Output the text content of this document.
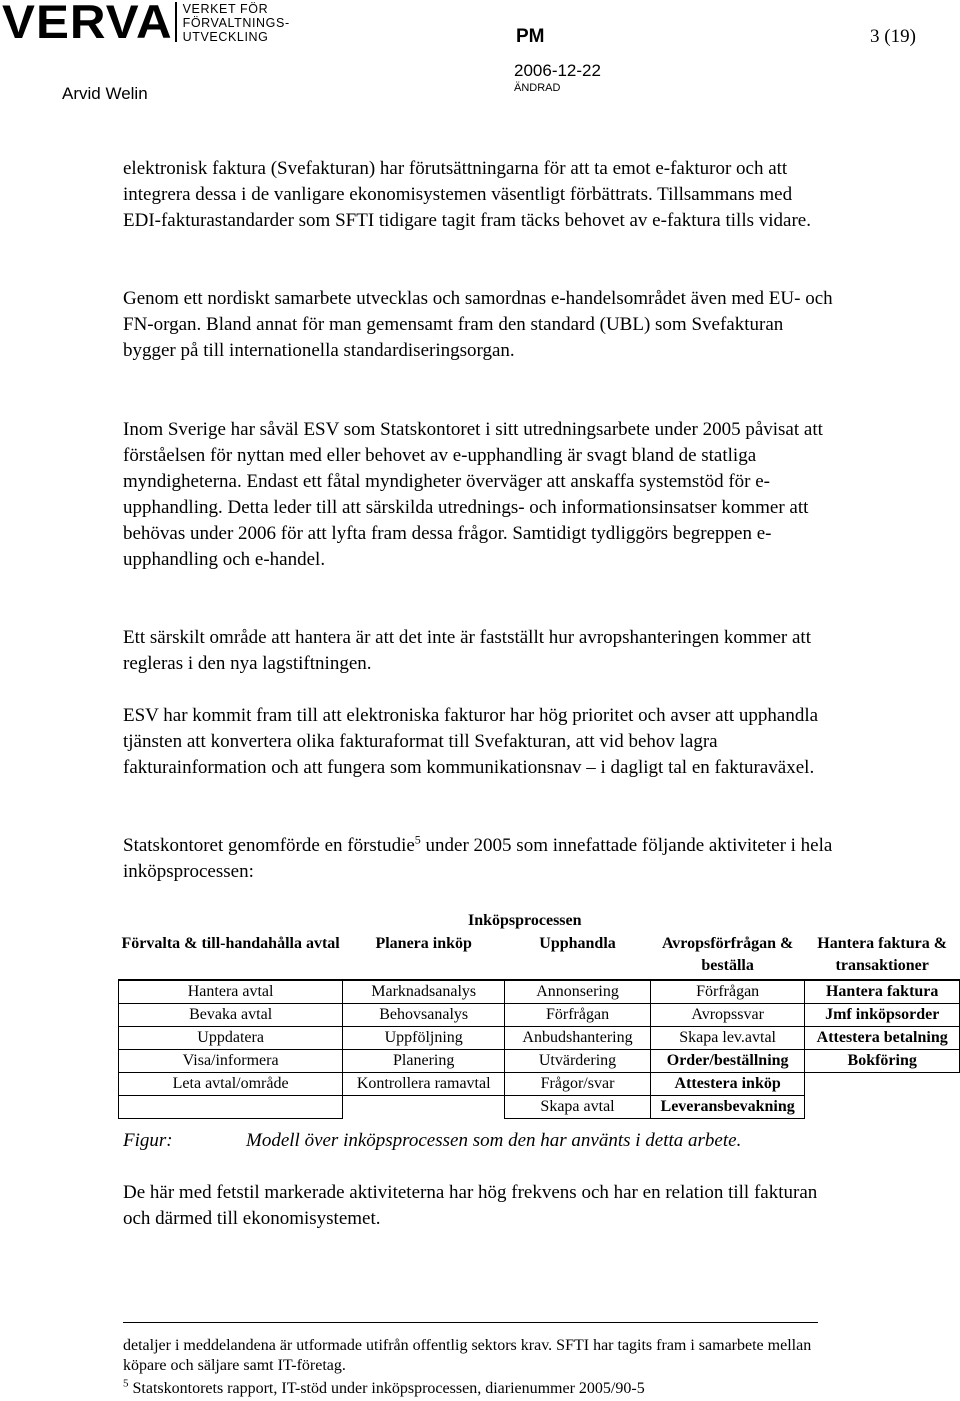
VERVA VERKET FÖR
FÖRVALTNINGS-
UTVECKLING	PM	3 (19)
Arvid Welin
2006-12-22
ÄNDRAD

elektronisk faktura (Svefakturan) har förutsättningarna för att ta emot e-fakturor och att integrera dessa i de vanligare ekonomisystemen väsentligt förbättrats. Tillsammans med EDI-fakturastandarder som SFTI tidigare tagit fram täcks behovet av e-faktura tills vidare.

Genom ett nordiskt samarbete utvecklas och samordnas e-handelsområdet även med EU- och FN-organ. Bland annat för man gemensamt fram den standard (UBL) som Svefakturan bygger på till internationella standardiseringsorgan.

Inom Sverige har såväl ESV som Statskontoret i sitt utredningsarbete under 2005 påvisat att förståelsen för nyttan med eller behovet av e-upphandling är svagt bland de statliga myndigheterna. Endast ett fåtal myndigheter överväger att anskaffa systemstöd för e-upphandling. Detta leder till att särskilda utrednings- och informationsinsatser kommer att behövas under 2006 för att lyfta fram dessa frågor. Samtidigt tydliggörs begreppen e-upphandling och e-handel.

Ett särskilt område att hantera är att det inte är fastställt hur avropshanteringen kommer att regleras i den nya lagstiftningen.

ESV har kommit fram till att elektroniska fakturor har hög prioritet och avser att upphandla tjänsten att konvertera olika fakturaformat till Svefakturan, att vid behov lagra fakturainformation och att fungera som kommunikationsnav – i dagligt tal en fakturaväxel.

Statskontoret genomförde en förstudie$^5$ under 2005 som innefattade följande aktiviteter i hela inköpsprocessen:

Inköpsprocessen
Förvalta & till-handahålla avtal	Planera inköp	Upphandla	Avropsförfrågan & beställa	Hantera faktura & transaktioner
Hantera avtal	Marknadsanalys	Annonsering	Förfrågan	Hantera faktura
Bevaka avtal	Behovsanalys	Förfrågan	Avropssvar	Jmf inköpsorder
Uppdatera	Uppföljning	Anbudshantering	Skapa lev.avtal	Attestera betalning
Visa/informera	Planering	Utvärdering	Order/beställning	Bokföring
Leta avtal/område	Kontrollera ramavtal	Frågor/svar	Attestera inköp	
		Skapa avtal	Leveransbevakning	
Figur:	Modell över inköpsprocessen som den har använts i detta arbete.

De här med fetstil markerade aktiviteterna har hög frekvens och har en relation till fakturan och därmed till ekonomisystemet.

detaljer i meddelandena är utformade utifrån offentlig sektors krav. SFTI har tagits fram i samarbete mellan köpare och säljare samt IT-företag.

$^5$ Statskontorets rapport, IT-stöd under inköpsprocessen, diarienummer 2005/90-5
